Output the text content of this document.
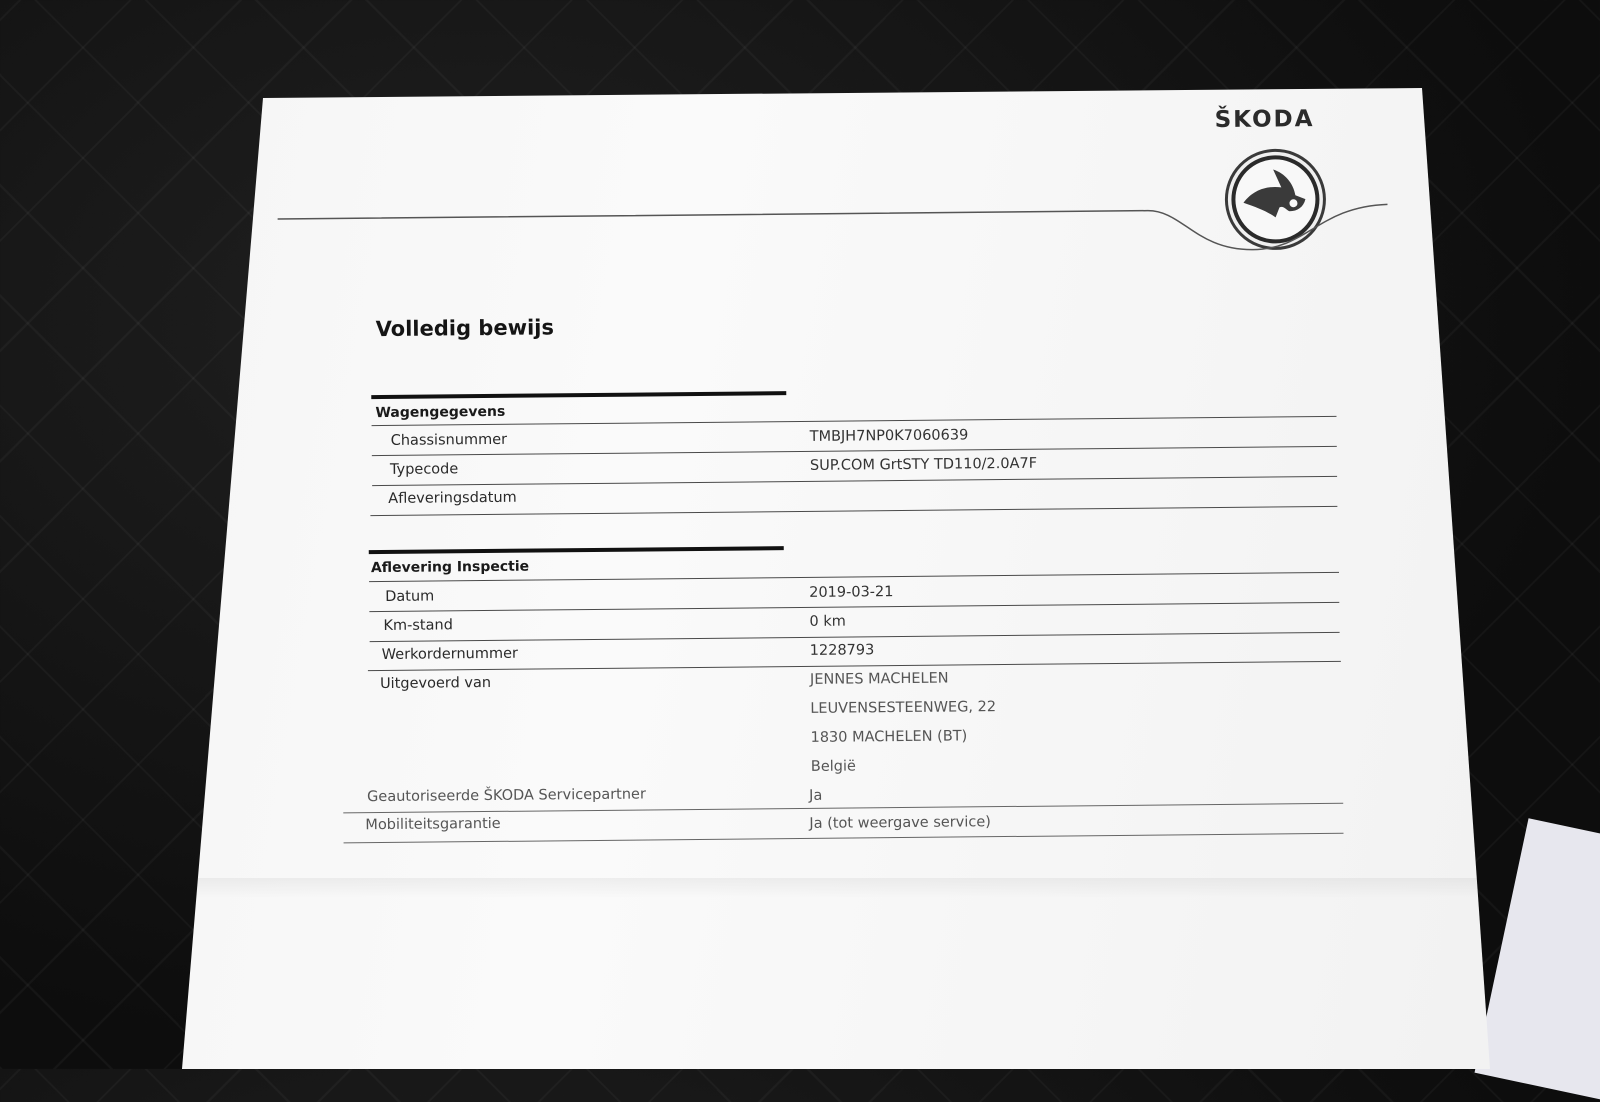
ŠKODA
Volledig bewijs
Wagengegevens
Chassisnummer	TMBJH7NP0K7060639
Typecode	SUP.COM GrtSTY TD110/2.0A7F
Afleveringsdatum
Aflevering Inspectie
Datum	2019-03-21
Km-stand	0 km
Werkordernummer	1228793
Uitgevoerd van	JENNES MACHELEN
LEUVENSESTEENWEG, 22
1830 MACHELEN (BT)
België
Geautoriseerde ŠKODA Servicepartner	Ja
Mobiliteitsgarantie	Ja (tot weergave service)
